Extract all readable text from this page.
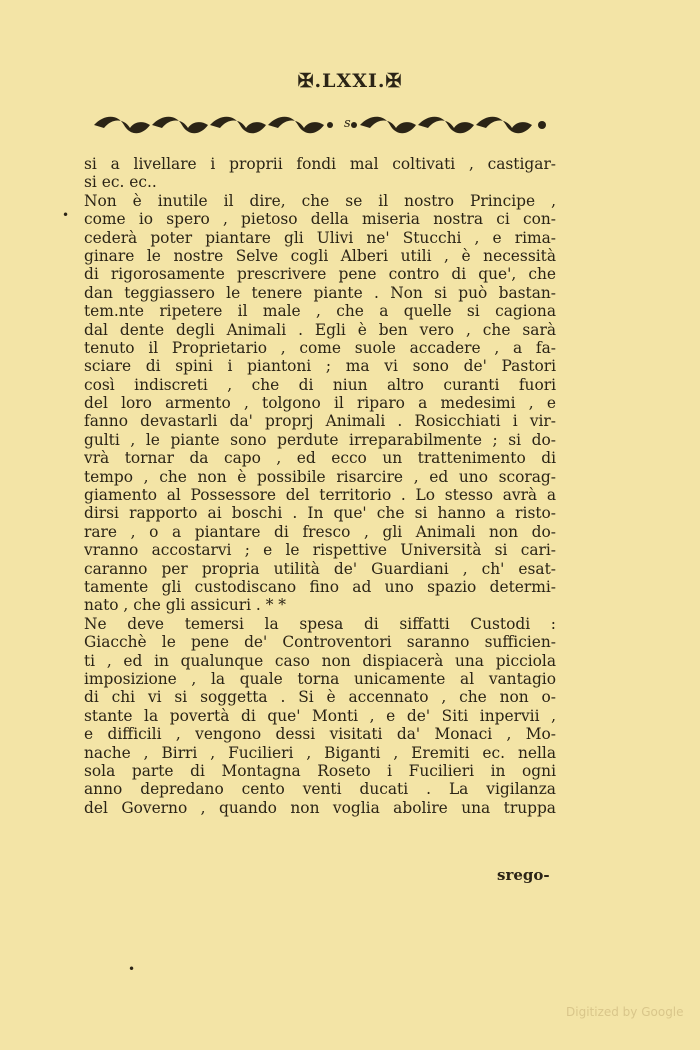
✠.LXXI.✠
s
si a livellare i proprii fondi mal coltivati , castigar-
si ec. ec..
Non è inutile il dire, che se il nostro Principe ,
come io spero , pietoso della miseria nostra ci con-
cederà poter piantare gli Ulivi ne' Stucchi , e rima-
ginare le nostre Selve cogli Alberi utili , è necessità
di rigorosamente prescrivere pene contro di que', che
dan teggiassero le tenere piante . Non si può bastan-
tem.nte ripetere il male , che a quelle si cagiona
dal dente degli Animali . Egli è ben vero , che sarà
tenuto il Proprietario , come suole accadere , a fa-
sciare di spini i piantoni ; ma vi sono de' Pastori
così indiscreti , che di niun altro curanti fuori
del loro armento , tolgono il riparo a medesimi , e
fanno devastarli da' proprj Animali . Rosicchiati i vir-
gulti , le piante sono perdute irreparabilmente ; si do-
vrà tornar da capo , ed ecco un trattenimento di
tempo , che non è possibile risarcire , ed uno scorag-
giamento al Possessore del territorio . Lo stesso avrà a
dirsi rapporto ai boschi . In que' che si hanno a risto-
rare , o a piantare di fresco , gli Animali non do-
vranno accostarvi ; e le rispettive Università si cari-
caranno per propria utilità de' Guardiani , ch' esat-
tamente gli custodiscano fino ad uno spazio determi-
nato , che gli assicuri . * *
Ne deve temersi la spesa di siffatti Custodi :
Giacchè le pene de' Controventori saranno sufficien-
ti , ed in qualunque caso non dispiacerà una picciola
imposizione , la quale torna unicamente al vantagio
di chi vi si soggetta . Si è accennato , che non o-
stante la povertà di que' Monti , e de' Siti inpervii ,
e difficili , vengono dessi visitati da' Monaci , Mo-
nache , Birri , Fucilieri , Biganti , Eremiti ec. nella
sola parte di Montagna Roseto i Fucilieri in ogni
anno depredano cento venti ducati . La vigilanza
del Governo , quando non voglia abolire una truppa
srego-
•
•
Digitized by Google
